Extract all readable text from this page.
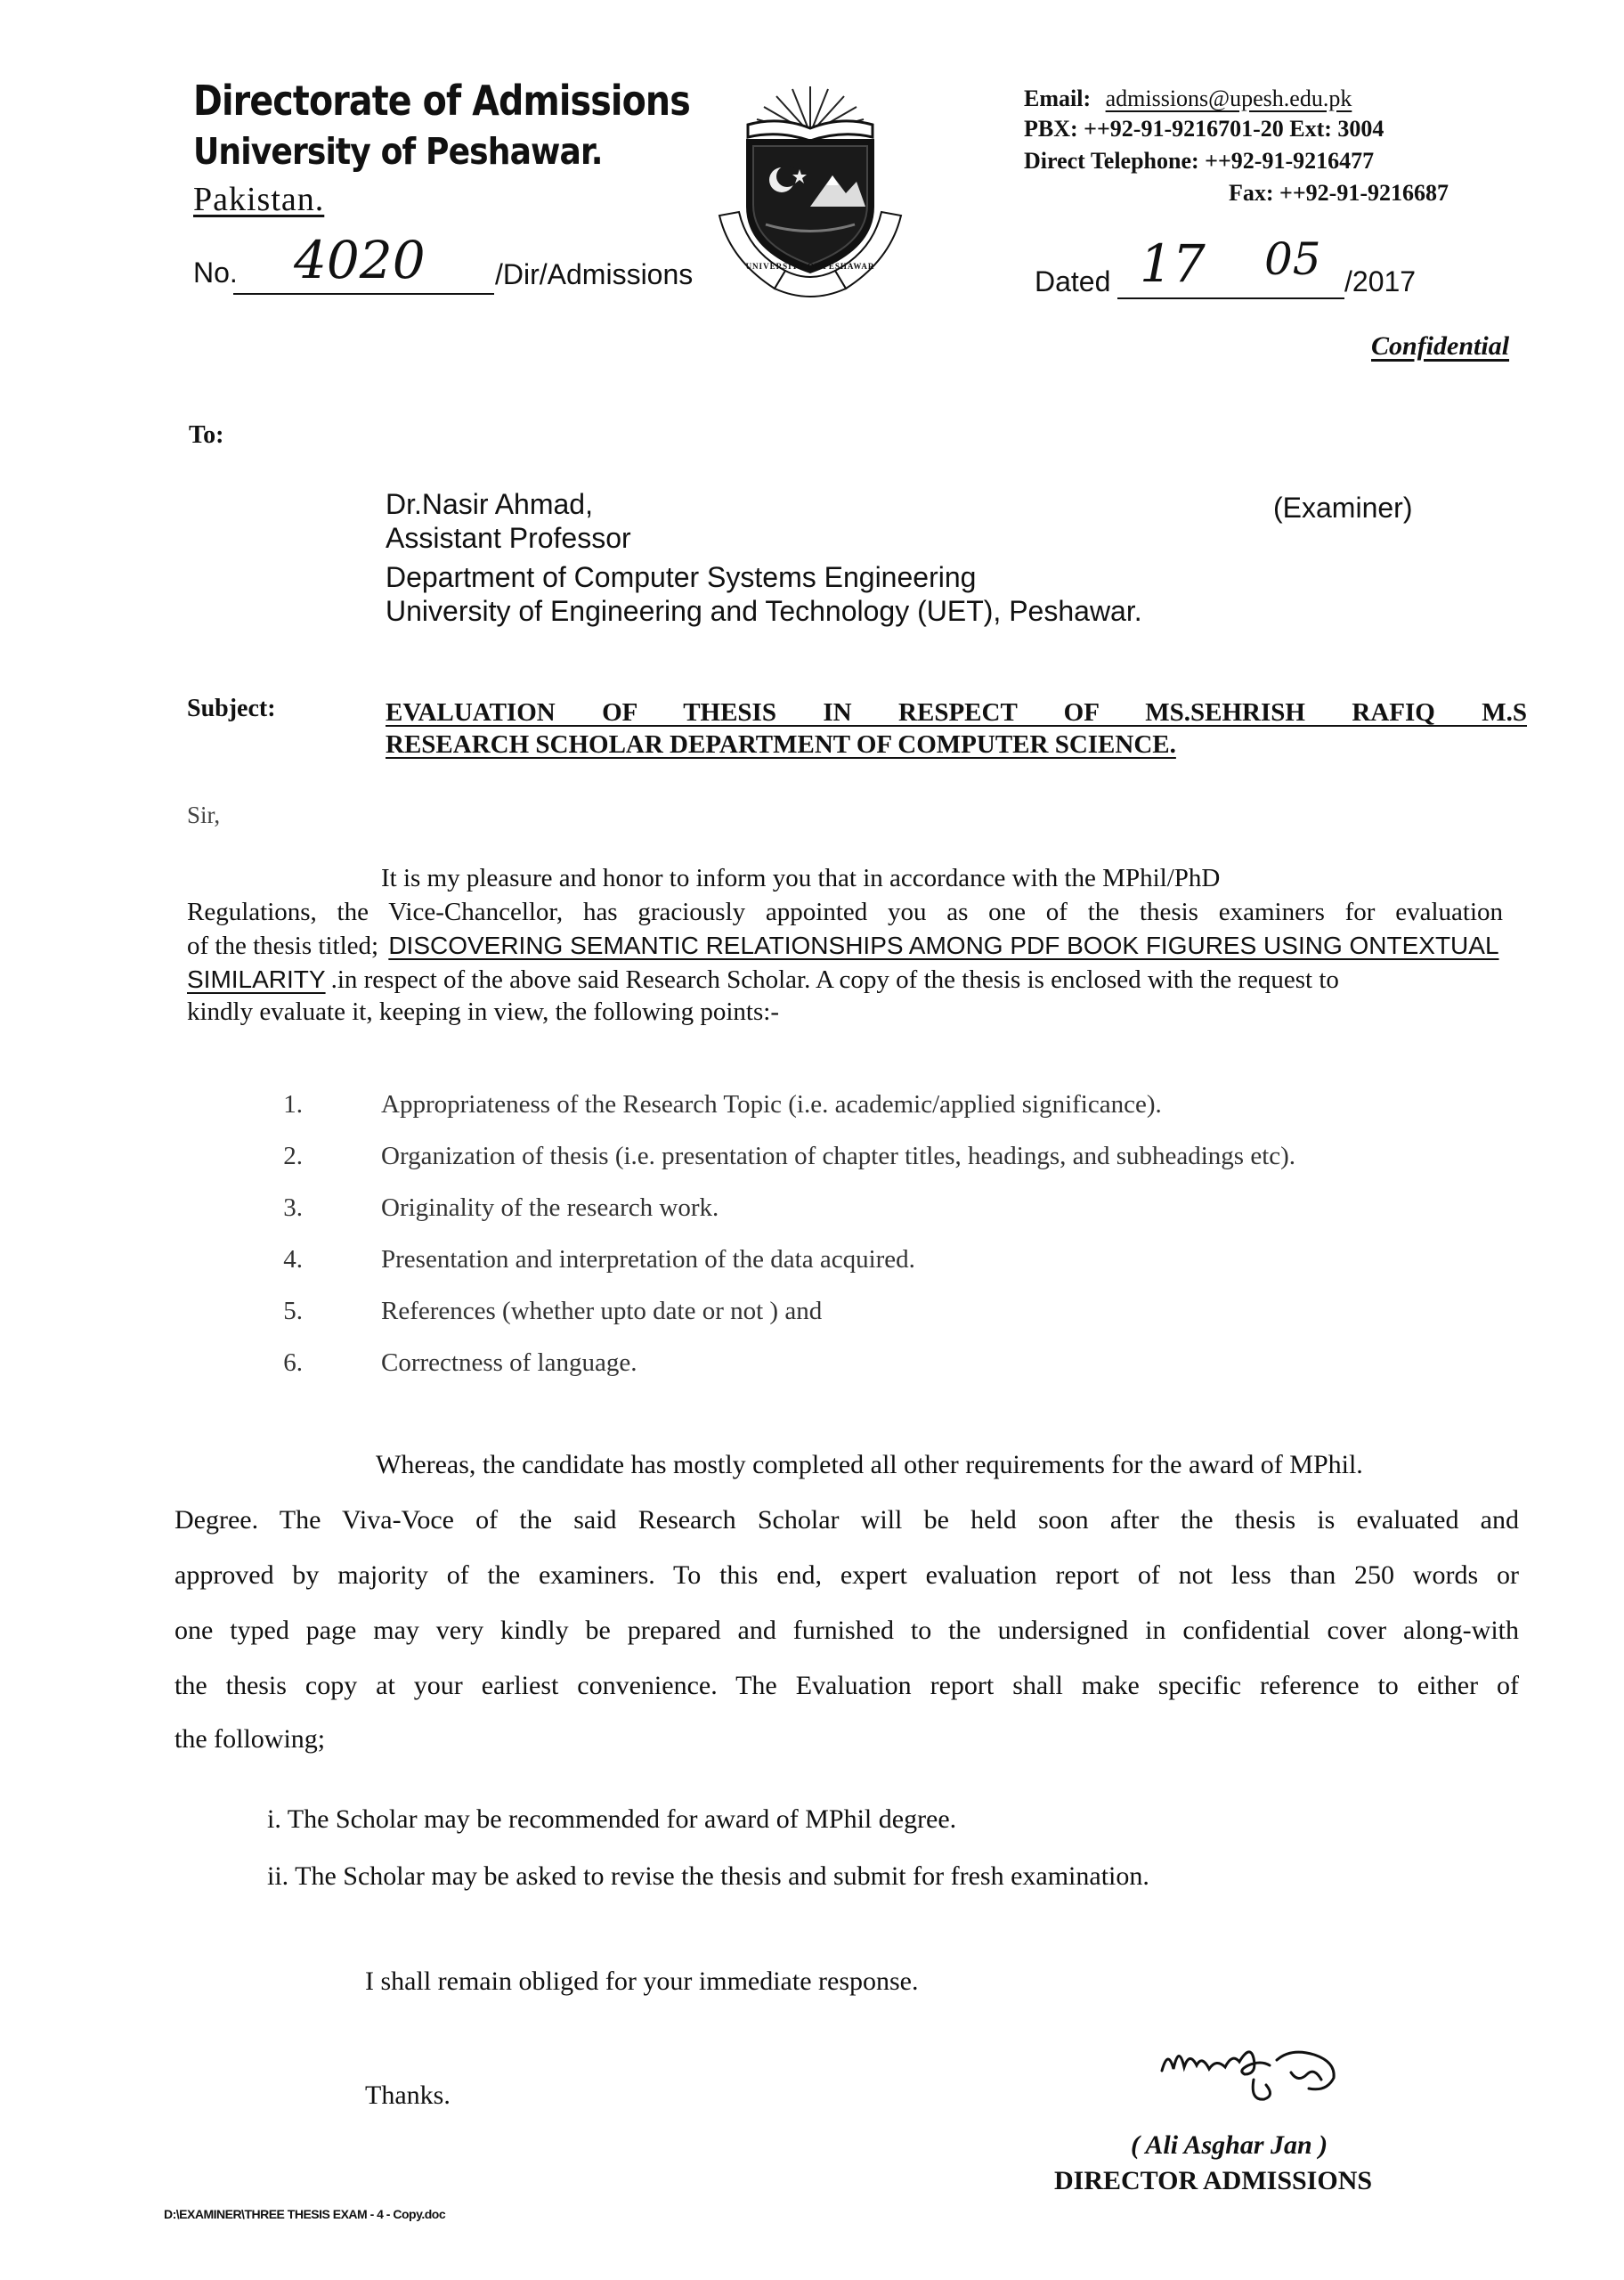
Directorate of Admissions
University of Peshawar.
Pakistan.
No. 4020 /Dir/Admissions	UNIVERSITY OF PESHAWAR
Email: admissions@upesh.edu.pk
PBX: ++92-91-9216701-20 Ext: 3004
Direct Telephone: ++92-91-9216477
Fax: ++92-91-9216687
Dated 17 05 /2017
Confidential
To:
Dr.Nasir Ahmad,	(Examiner)
Assistant Professor
Department of Computer Systems Engineering
University of Engineering and Technology (UET), Peshawar.
Subject:	EVALUATION OF THESIS IN RESPECT OF MS.SEHRISH RAFIQ M.S
RESEARCH SCHOLAR DEPARTMENT OF COMPUTER SCIENCE.
Sir,
It is my pleasure and honor to inform you that in accordance with the MPhil/PhD
Regulations, the Vice-Chancellor, has graciously appointed you as one of the thesis examiners for evaluation
of the thesis titled; DISCOVERING SEMANTIC RELATIONSHIPS AMONG PDF BOOK FIGURES USING ONTEXTUAL
SIMILARITY .in respect of the above said Research Scholar. A copy of the thesis is enclosed with the request to
kindly evaluate it, keeping in view, the following points:-
1.	Appropriateness of the Research Topic (i.e. academic/applied significance).
2.	Organization of thesis (i.e. presentation of chapter titles, headings, and subheadings etc).
3.	Originality of the research work.
4.	Presentation and interpretation of the data acquired.
5.	References (whether upto date or not ) and
6.	Correctness of language.
Whereas, the candidate has mostly completed all other requirements for the award of MPhil.
Degree. The Viva-Voce of the said Research Scholar will be held soon after the thesis is evaluated and
approved by majority of the examiners. To this end, expert evaluation report of not less than 250 words or
one typed page may very kindly be prepared and furnished to the undersigned in confidential cover along-with
the thesis copy at your earliest convenience. The Evaluation report shall make specific reference to either of
the following;
i. The Scholar may be recommended for award of MPhil degree.
ii. The Scholar may be asked to revise the thesis and submit for fresh examination.
I shall remain obliged for your immediate response.
Thanks.
( Ali Asghar Jan )
DIRECTOR ADMISSIONS
D:\EXAMINER\THREE THESIS EXAM - 4 - Copy.doc
